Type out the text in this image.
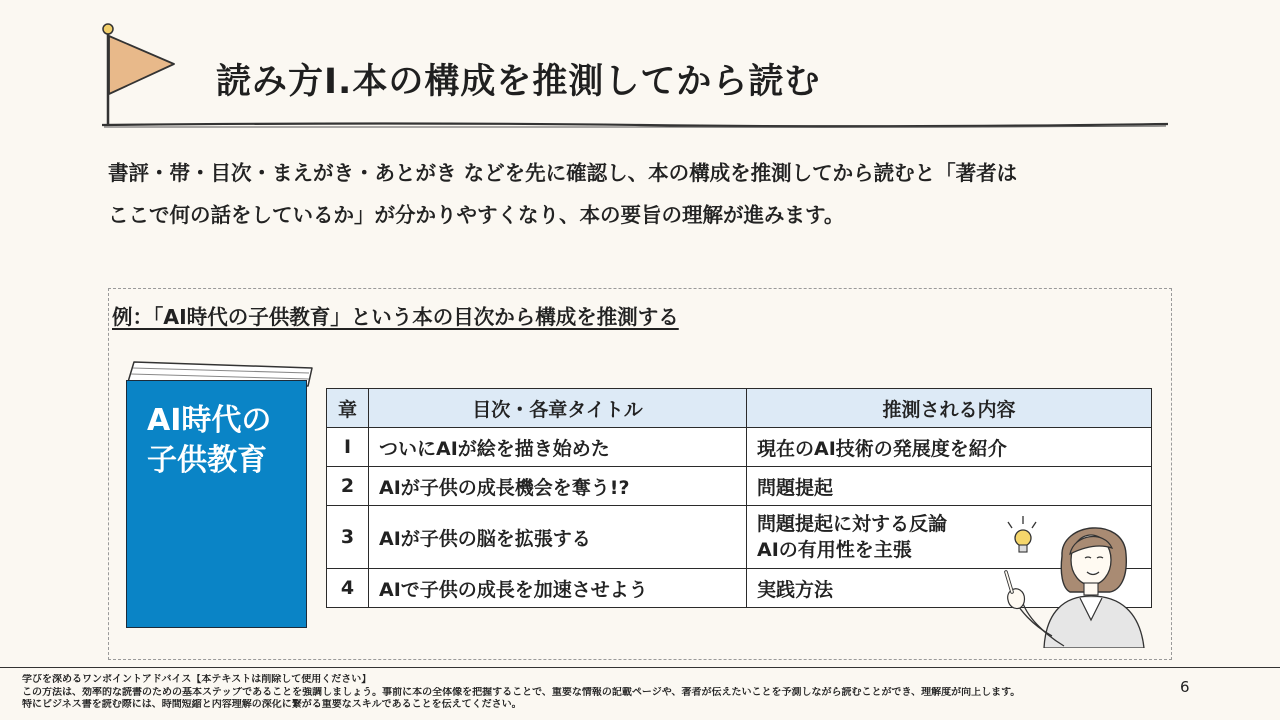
読み方Ⅰ.本の構成を推測してから読む

書評・帯・目次・まえがき・あとがき などを先に確認し、本の構成を推測してから読むと「著者は
ここで何の話をしているか」が分かりやすくなり、本の要旨の理解が進みます。

例：「AI時代の子供教育」という本の目次から構成を推測する
AI時代の
子供教育
章	目次・各章タイトル	推測される内容
Ⅰ	ついにAIが絵を描き始めた	現在のAI技術の発展度を紹介
2	AIが子供の成長機会を奪う!?	問題提起
3	AIが子供の脳を拡張する	問題提起に対する反論
AIの有用性を主張
4	AIで子供の成長を加速させよう	実践方法
学びを深めるワンポイントアドバイス【本テキストは削除して使用ください】
この方法は、効率的な読書のための基本ステップであることを強調しましょう。事前に本の全体像を把握することで、重要な情報の記載ページや、著者が伝えたいことを予測しながら読むことができ、理解度が向上します。
特にビジネス書を読む際には、時間短縮と内容理解の深化に繋がる重要なスキルであることを伝えてください。
6
